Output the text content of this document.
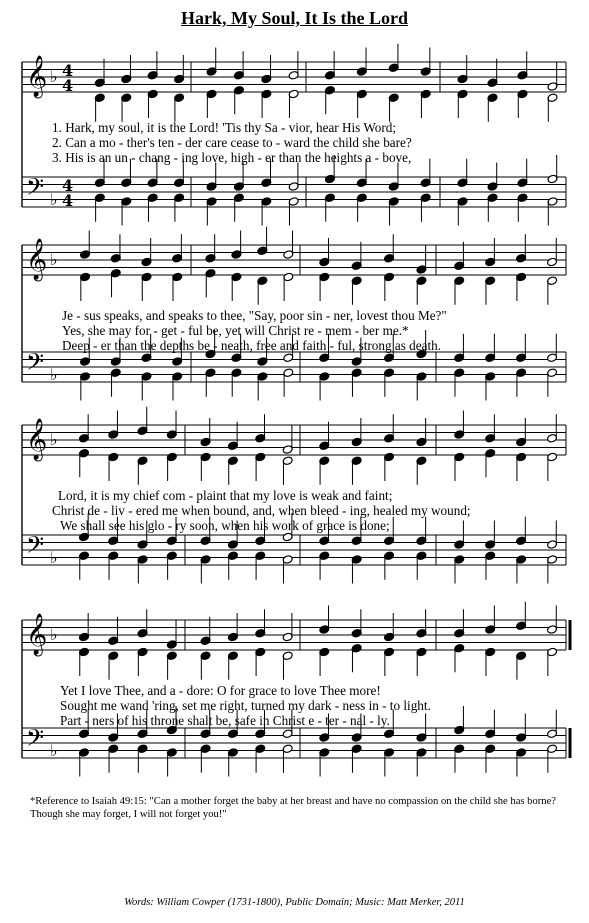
Hark, My Soul, It Is the Lord
𝄞
𝄢
♭
♭
4
4
4
4
𝄞
𝄢
♭
♭
𝄞
𝄢
♭
♭
𝄞
𝄢
♭
♭
1. Hark, my soul, it is the Lord! 'Tis thy Sa - vior, hear His Word;
2. Can a mo - ther's ten - der care cease to - ward the child she bare?
3. His is an un - chang - ing love, high - er than the heights a - bove,
Je - sus speaks, and speaks to thee, "Say, poor sin - ner, lovest thou Me?"
Yes, she may for - get - ful be, yet will Christ re - mem - ber me.*
Deep - er than the depths be - neath, free and faith - ful, strong as death.
Lord, it is my chief com - plaint that my love is weak and faint;
Christ de - liv - ered me when bound, and, when bleed - ing, healed my wound;
We shall see his glo - ry soon, when his work of grace is done;
Yet I love Thee, and a - dore: O for grace to love Thee more!
Sought me wand 'ring, set me right, turned my dark - ness in - to light.
Part - ners of his throne shalt be, safe in Christ e - ter - nal - ly.
*Reference to Isaiah 49:15: "Can a mother forget the baby at her breast and have no compassion on the child she has borne? Though she may forget, I will not forget you!"
Words: William Cowper (1731-1800), Public Domain; Music: Matt Merker, 2011
